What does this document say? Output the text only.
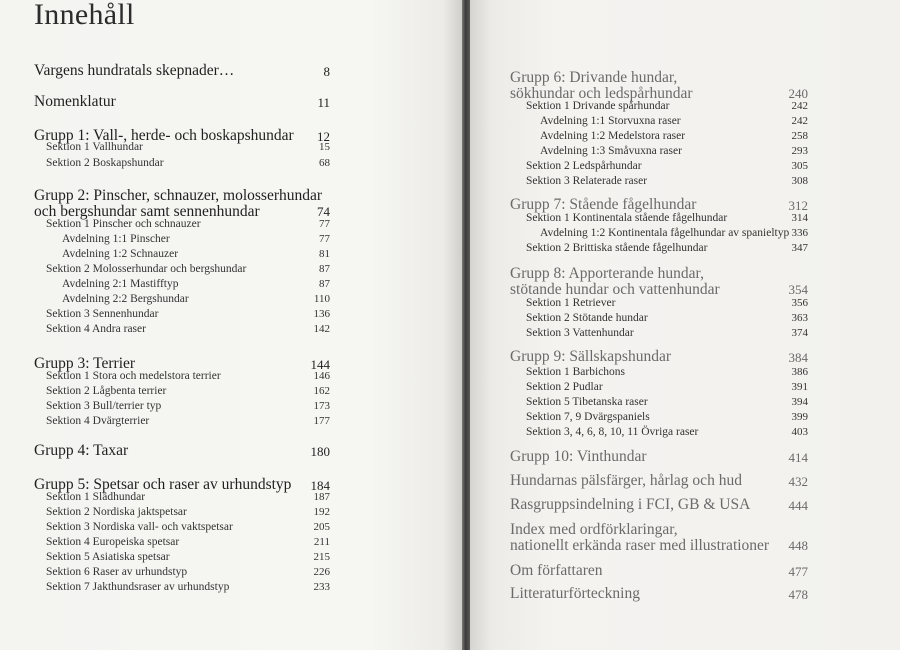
Innehåll
Vargens hundratals skepnader…	8
Nomenklatur	11
Grupp 1: Vall-, herde- och boskapshundar	12
Sektion 1 Vallhundar	15
Sektion 2 Boskapshundar	68
Grupp 2: Pinscher, schnauzer, molosserhundar
och bergshundar samt sennenhundar	74
Sektion 1 Pinscher och schnauzer	77
Avdelning 1:1 Pinscher	77
Avdelning 1:2 Schnauzer	81
Sektion 2 Molosserhundar och bergshundar	87
Avdelning 2:1 Mastifftyp	87
Avdelning 2:2 Bergshundar	110
Sektion 3 Sennenhundar	136
Sektion 4 Andra raser	142
Grupp 3: Terrier	144
Sektion 1 Stora och medelstora terrier	146
Sektion 2 Lågbenta terrier	162
Sektion 3 Bull/terrier typ	173
Sektion 4 Dvärgterrier	177
Grupp 4: Taxar	180
Grupp 5: Spetsar och raser av urhundstyp	184
Sektion 1 Slädhundar	187
Sektion 2 Nordiska jaktspetsar	192
Sektion 3 Nordiska vall- och vaktspetsar	205
Sektion 4 Europeiska spetsar	211
Sektion 5 Asiatiska spetsar	215
Sektion 6 Raser av urhundstyp	226
Sektion 7 Jakthundsraser av urhundstyp	233
Grupp 6: Drivande hundar,
sökhundar och ledspårhundar	240
Sektion 1 Drivande spårhundar	242
Avdelning 1:1 Storvuxna raser	242
Avdelning 1:2 Medelstora raser	258
Avdelning 1:3 Småvuxna raser	293
Sektion 2 Ledspårhundar	305
Sektion 3 Relaterade raser	308
Grupp 7: Stående fågelhundar	312
Sektion 1 Kontinentala stående fågelhundar	314
Avdelning 1:2 Kontinentala fågelhundar av spanieltyp 336
Sektion 2 Brittiska stående fågelhundar	347
Grupp 8: Apporterande hundar,
stötande hundar och vattenhundar	354
Sektion 1 Retriever	356
Sektion 2 Stötande hundar	363
Sektion 3 Vattenhundar	374
Grupp 9: Sällskapshundar	384
Sektion 1 Barbichons	386
Sektion 2 Pudlar	391
Sektion 5 Tibetanska raser	394
Sektion 7, 9 Dvärgspaniels	399
Sektion 3, 4, 6, 8, 10, 11 Övriga raser	403
Grupp 10: Vinthundar	414
Hundarnas pälsfärger, hårlag och hud	432
Rasgruppsindelning i FCI, GB & USA	444
Index med ordförklaringar,
nationellt erkända raser med illustrationer	448
Om författaren	477
Litteraturförteckning	478
